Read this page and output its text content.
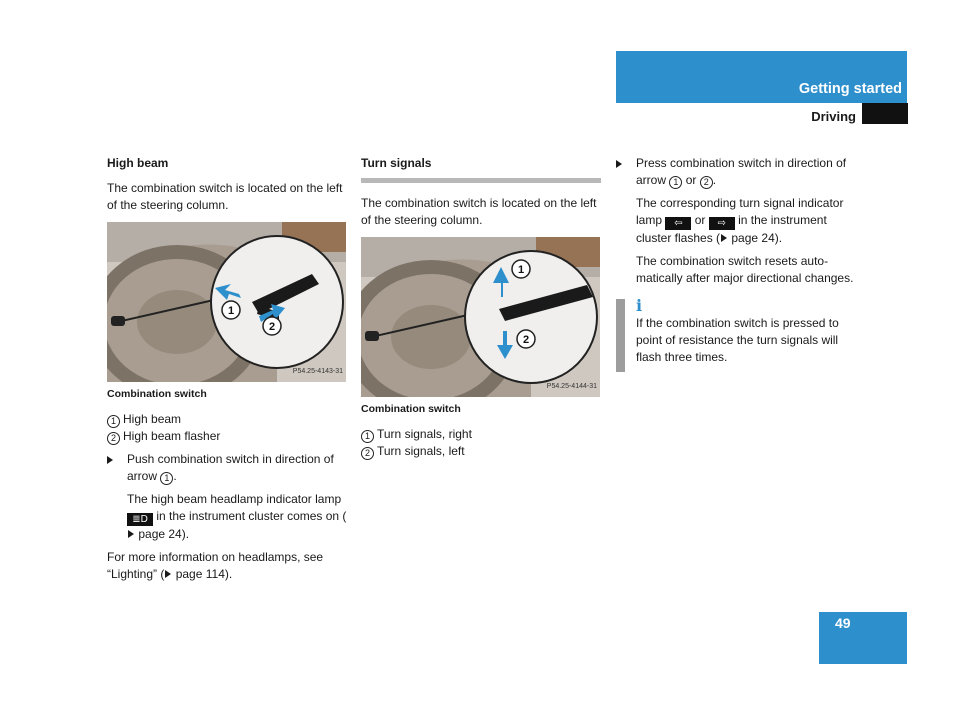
Getting started
Driving
High beam

The combination switch is located on the left of the steering column.

1
2
P54.25-4143-31
Combination switch
1 High beam
2 High beam flasher
Push combination switch in direction of arrow 1 .

The high beam headlamp indicator lamp ≣D in the instrument cluster comes on ( page 24).

For more information on headlamps, see “Lighting” ( page 114).

Turn signals

The combination switch is located on the left of the steering column.

1
2
P54.25-4144-31
Combination switch
1 Turn signals, right
2 Turn signals, left
Press combination switch in direction of arrow 1 or 2 .

The corresponding turn signal indicator lamp ⇦ or ⇨ in the instrument cluster flashes ( page 24).

The combination switch resets auto-matically after major directional changes.

i

If the combination switch is pressed to point of resistance the turn signals will flash three times.

49
